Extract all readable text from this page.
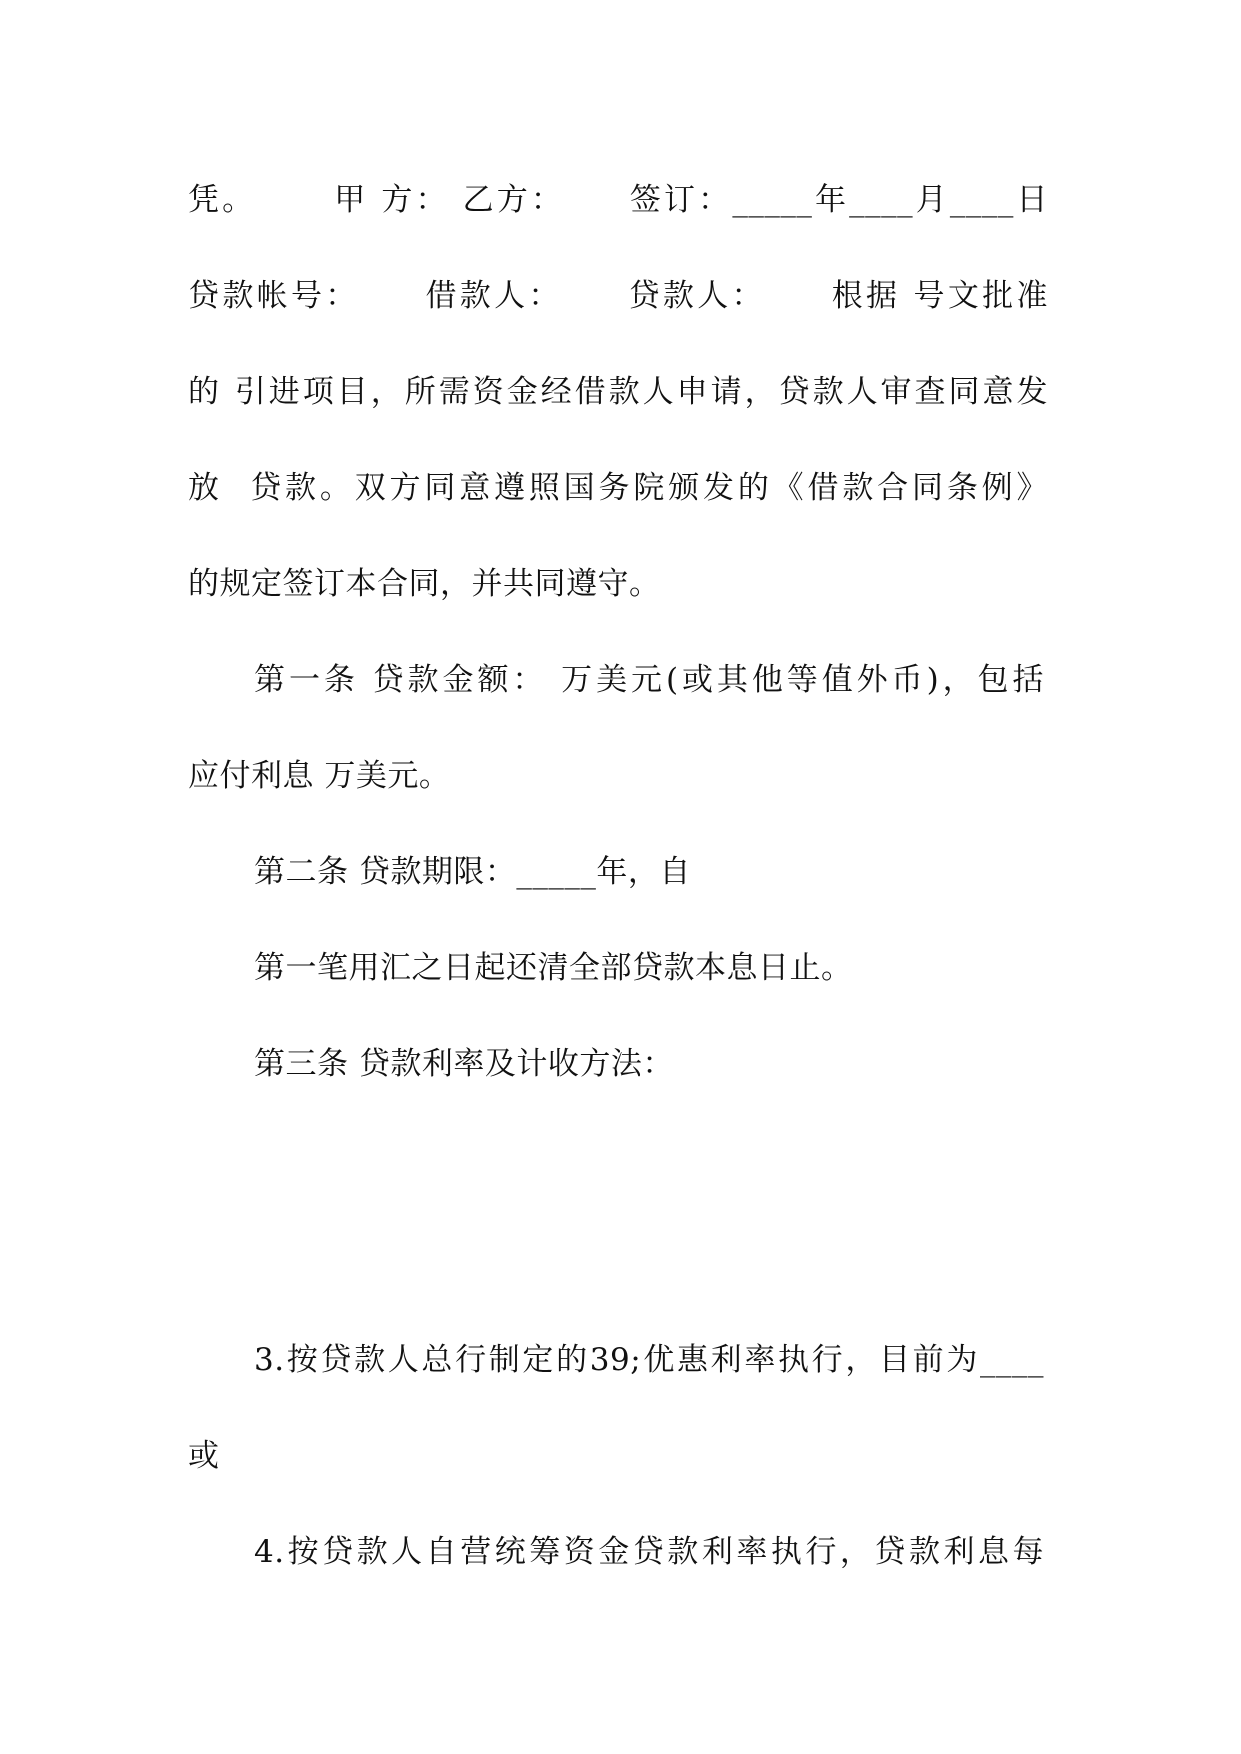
凭。      甲 方： 乙方：     签订：_____年____月____日
贷款帐号：     借款人：     贷款人：     根据 号文批准
的 引进项目，所需资金经借款人申请，贷款人审查同意发
放  贷款。双方同意遵照国务院颁发的《借款合同条例》
的规定签订本合同，并共同遵守。
第一条 贷款金额： 万美元(或其他等值外币)，包括
应付利息 万美元。
第二条 贷款期限：_____年，自
第一笔用汇之日起还清全部贷款本息日止。
第三条 贷款利率及计收方法：
3.按贷款人总行制定的39;优惠利率执行，目前为____
或
4.按贷款人自营统筹资金贷款利率执行，贷款利息每
